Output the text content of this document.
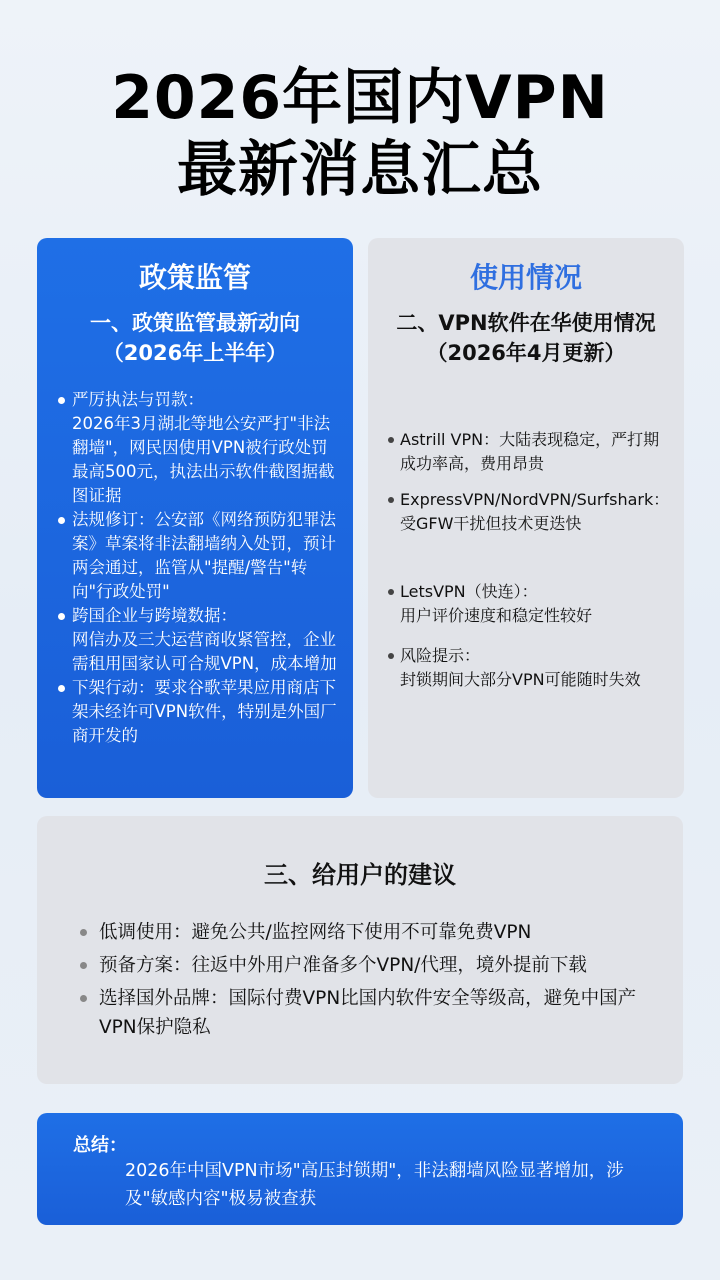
2026年国内VPN
最新消息汇总
政策监管
一、政策监管最新动向
（2026年上半年）
严厉执法与罚款：
2026年3月湖北等地公安严打"非法翻墙"，网民因使用VPN被行政处罚最高500元，执法出示软件截图据截图证据
法规修订：公安部《网络预防犯罪法案》草案将非法翻墙纳入处罚，预计两会通过，监管从"提醒/警告"转向"行政处罚"
跨国企业与跨境数据：
网信办及三大运营商收紧管控，企业需租用国家认可合规VPN，成本增加
下架行动：要求谷歌苹果应用商店下架未经许可VPN软件，特别是外国厂商开发的
使用情况
二、VPN软件在华使用情况
（2026年4月更新）
Astrill VPN：大陆表现稳定，严打期成功率高，费用昂贵
ExpressVPN/NordVPN/Surfshark：
受GFW干扰但技术更迭快
LetsVPN（快连）：
用户评价速度和稳定性较好
风险提示：
封锁期间大部分VPN可能随时失效
三、给用户的建议
低调使用：避免公共/监控网络下使用不可靠免费VPN
预备方案：往返中外用户准备多个VPN/代理，境外提前下载
选择国外品牌：国际付费VPN比国内软件安全等级高，避免中国产VPN保护隐私
总结：
2026年中国VPN市场"高压封锁期"，非法翻墙风险显著增加，涉及"敏感内容"极易被查获
